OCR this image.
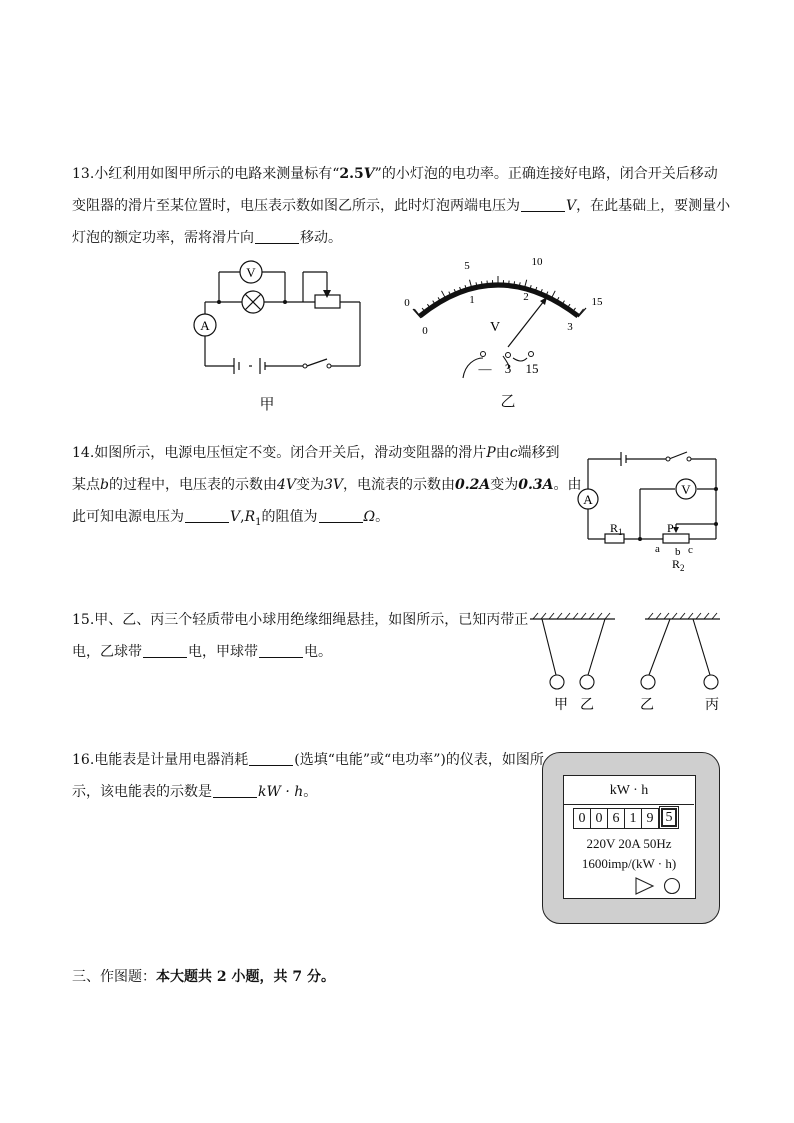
13.小红利用如图甲所示的电路来测量标有“2.5V”的小灯泡的电功率。正确连接好电路，闭合开关后移动
变阻器的滑片至某位置时，电压表示数如图乙所示，此时灯泡两端电压为	V，在此基础上，要测量小
灯泡的额定功率，需将滑片向	移动。
V
A
甲
0
5	10
15
0
1	2
3
V
— 3 15
乙
14.如图所示，电源电压恒定不变。闭合开关后，滑动变阻器的滑片P由c端移到
某点b的过程中，电压表的示数由4V变为3V，电流表的示数由0.2A变为0.3A。由
此可知电源电压为	$V,R_1$的阻值为	Ω。
A
V
$R_1$	P
a b c
$R_2$
15.甲、乙、丙三个轻质带电小球用绝缘细绳悬挂，如图所示，已知丙带正
电，乙球带	电，甲球带	电。
甲 乙	乙	丙
16.电能表是计量用电器消耗	(选填“电能”或“电功率”)的仪表，如图所
示，该电能表的示数是	kW · h。	kW · h
0 0 6 1 9 5
220V 20A 50Hz
1600imp/(kW · h)
三、作图题：本大题共 2 小题，共 7 分。
